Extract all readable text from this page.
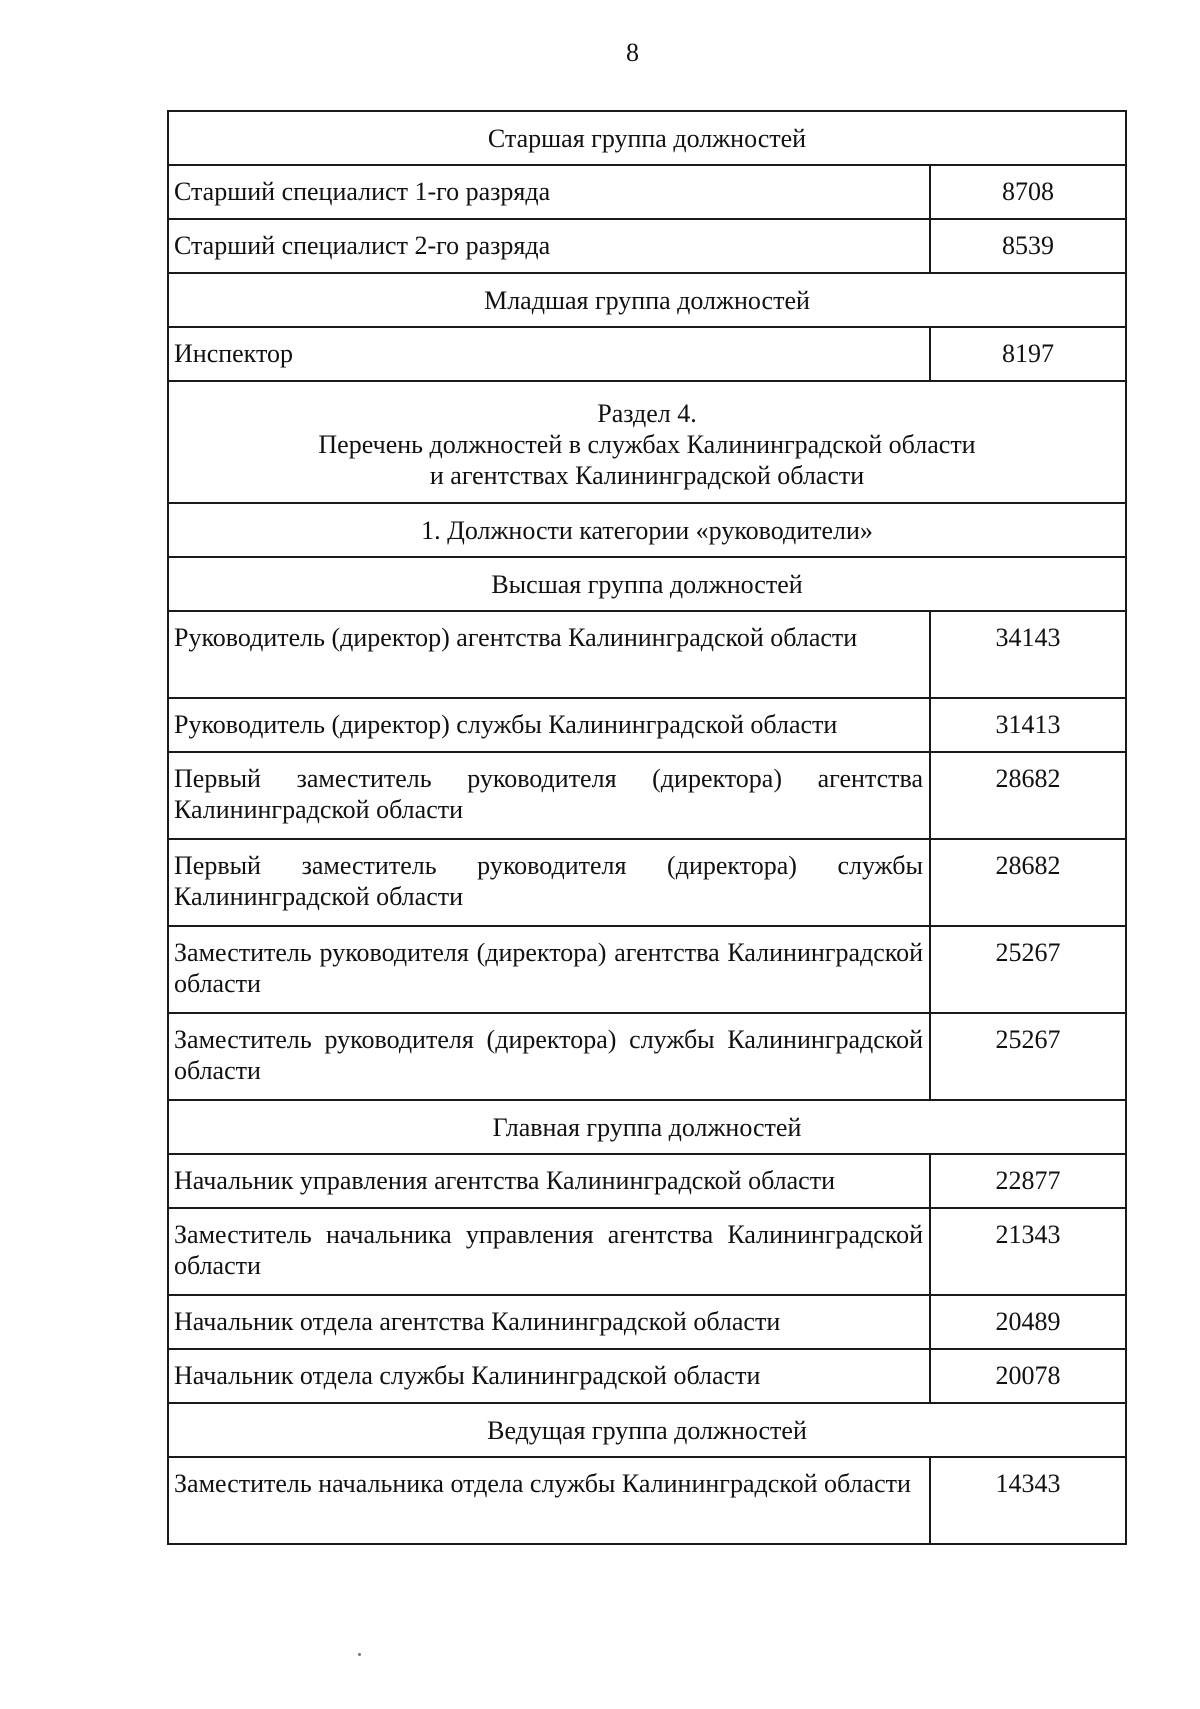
8
Старшая группа должностей	
Старший специалист 1-го разряда	8708
Старший специалист 2-го разряда	8539
Младшая группа должностей	
Инспектор	8197

Раздел 4.
Перечень должностей в службах Калининградской области
и агентствах Калининградской области	

1. Должности категории «руководители»	
Высшая группа должностей	
Руководитель (директор) агентства Калининградской области	34143
Руководитель (директор) службы Калининградской области	31413
Первый заместитель руководителя (директора) агентства Калининградской области	28682
Первый заместитель руководителя (директора) службы Калининградской области	28682
Заместитель руководителя (директора) агентства Калининградской области	25267
Заместитель руководителя (директора) службы Калининградской области	25267
Главная группа должностей	
Начальник управления агентства Калининградской области	22877
Заместитель начальника управления агентства Калининградской области	21343
Начальник отдела агентства Калининградской области	20489
Начальник отдела службы Калининградской области	20078
Ведущая группа должностей	
Заместитель начальника отдела службы Калининградской области	14343
